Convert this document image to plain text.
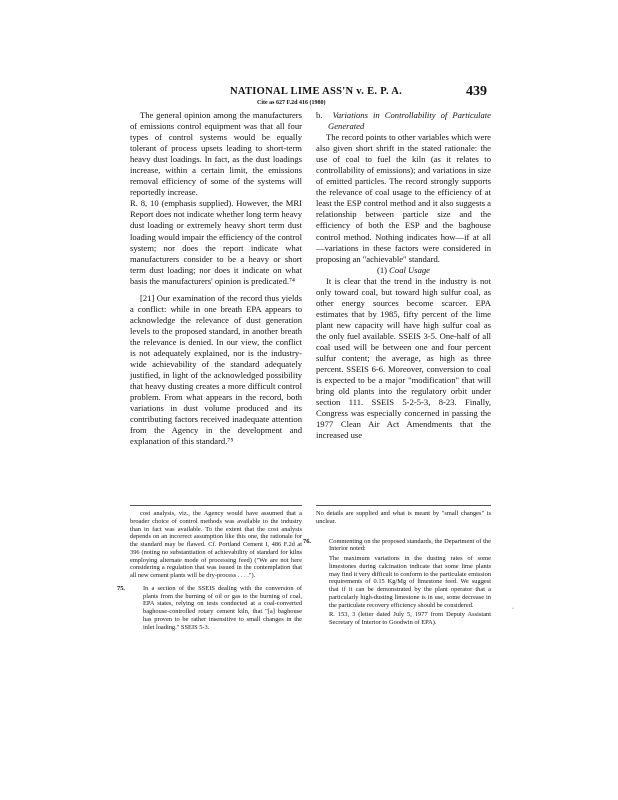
NATIONAL LIME ASS'N v. E. P. A.	439
Cite as 627 F.2d 416 (1980)

The general opinion among the manufacturers of emissions control equipment was that all four types of control systems would be equally tolerant of process upsets leading to short-term heavy dust loadings. In fact, as the dust loadings increase, within a certain limit, the emissions removal efficiency of some of the systems will reportedly increase.

R. 8, 10 (emphasis supplied). However, the MRI Report does not indicate whether long term heavy dust loading or extremely heavy short term dust loading would impair the efficiency of the control system; nor does the report indicate what manufacturers consider to be a heavy or short term dust loading; nor does it indicate on what basis the manufacturers' opinion is predicated.⁷⁴

[21] Our examination of the record thus yields a conflict: while in one breath EPA appears to acknowledge the relevance of dust generation levels to the proposed standard, in another breath the relevance is denied. In our view, the conflict is not adequately explained, nor is the industry-wide achievability of the standard adequately justified, in light of the acknowledged possibility that heavy dusting creates a more difficult control problem. From what appears in the record, both variations in dust volume produced and its contributing factors received inadequate attention from the Agency in the development and explanation of this standard.⁷⁵

b. Variations in Controllability of Particulate Generated

The record points to other variables which were also given short shrift in the stated rationale: the use of coal to fuel the kiln (as it relates to controllability of emissions); and variations in size of emitted particles. The record strongly supports the relevance of coal usage to the efficiency of at least the ESP control method and it also suggests a relationship between particle size and the efficiency of both the ESP and the baghouse control method. Nothing indicates how—if at all—variations in these factors were considered in proposing an "achievable" standard.

(1) Coal Usage

It is clear that the trend in the industry is not only toward coal, but toward high sulfur coal, as other energy sources become scarcer. EPA estimates that by 1985, fifty percent of the lime plant new capacity will have high sulfur coal as the only fuel available. SSEIS 3-5. One-half of all coal used will be between one and four percent sulfur content; the average, as high as three percent. SSEIS 6-6. Moreover, conversion to coal is expected to be a major "modification" that will bring old plants into the regulatory orbit under section 111. SSEIS 5-2-5-3, 8-23. Finally, Congress was especially concerned in passing the 1977 Clean Air Act Amendments that the increased use

cost analysis, viz., the Agency would have assumed that a broader choice of control methods was available to the industry than in fact was available. To the extent that the cost analysis depends on an incorrect assumption like this one, the rationale for the standard may be flawed. Cf. Portland Cement I, 486 F.2d at 396 (noting no substantiation of achievability of standard for kilns employing alternate mode of processing feed) ("We are not here considering a regulation that was issued in the contemplation that all new cement plants will be dry-process . . . .").

75.	In a section of the SSEIS dealing with the conversion of plants from the burning of oil or gas to the burning of coal, EPA states, relying on tests conducted at a coal-converted baghouse-controlled rotary cement kiln, that "[a] baghouse has proven to be rather insensitive to small changes in the inlet loading." SSEIS 5-3.

No details are supplied and what is meant by "small changes" is unclear.

76.	Commenting on the proposed standards, the Department of the Interior noted:

The maximum variations in the dusting rates of some limestones during calcination indicate that some lime plants may find it very difficult to conform to the particulate emission requirements of 0.15 Kg/Mg of limestone feed. We suggest that if it can be demonstrated by the plant operator that a particularly high-dusting limestone is in use, some decrease in the particulate recovery efficiency should be considered.

R. 153, 3 (letter dated July 5, 1977 from Deputy Assistant Secretary of Interior to Goodwin of EPA).

·
